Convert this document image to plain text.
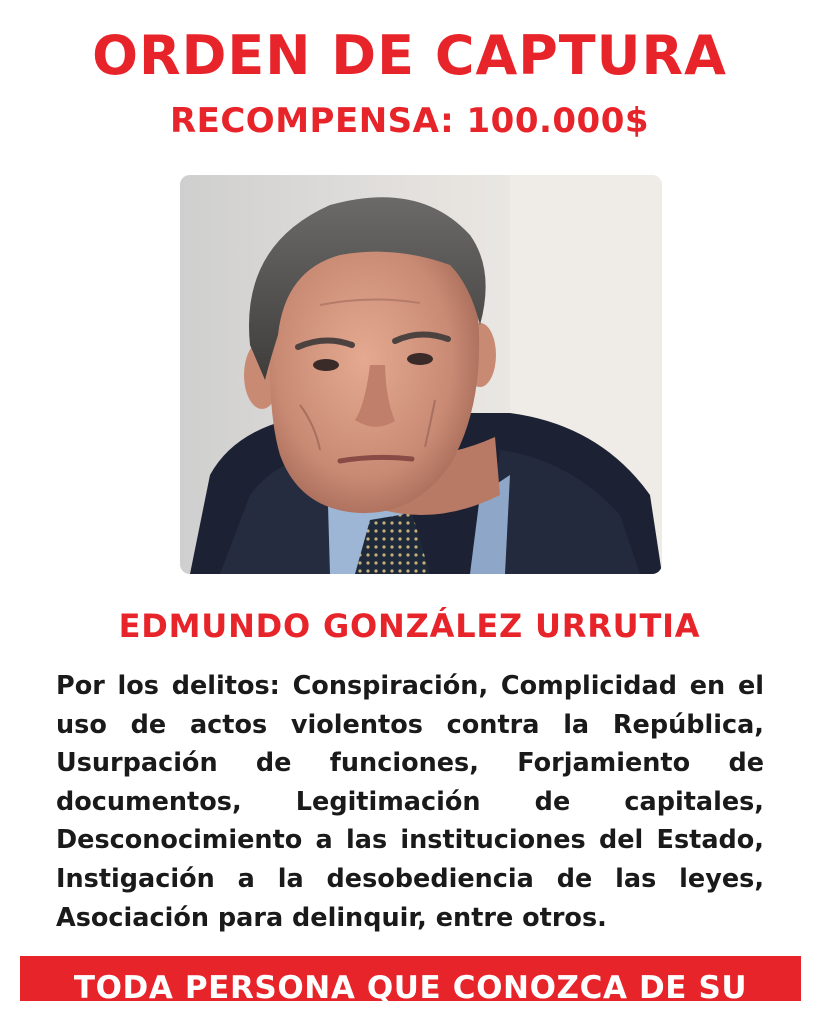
ORDEN DE CAPTURA
RECOMPENSA: 100.000$
EDMUNDO GONZÁLEZ URRUTIA

Por los delitos: Conspiración, Complicidad en el uso de actos violentos contra la República, Usurpación de funciones, Forjamiento de documentos, Legitimación de capitales, Desconocimiento a las instituciones del Estado, Instigación a la desobediencia de las leyes, Asociación para delinquir, entre otros.

TODA PERSONA QUE CONOZCA DE SU
